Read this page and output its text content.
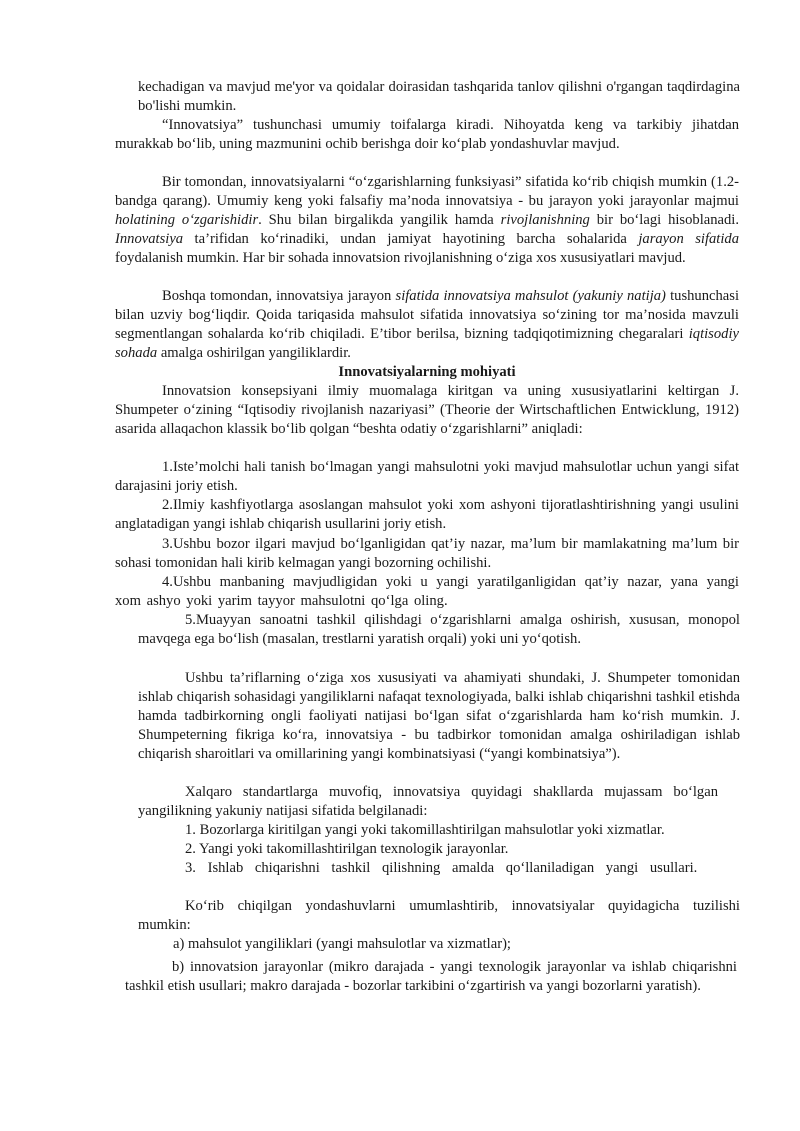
kechadigan va mavjud me'yor va qoidalar doirasidan tashqarida tanlov qilishni o'rgangan taqdirdagina bo'lishi mumkin.

“Innovatsiya” tushunchasi umumiy toifalarga kiradi. Nihoyatda keng va tarkibiy jihatdan murakkab bo‘lib, uning mazmunini ochib berishga doir ko‘plab yondashuvlar mavjud.

Bir tomondan, innovatsiyalarni “o‘zgarishlarning funksiyasi” sifatida ko‘rib chiqish mumkin (1.2-bandga qarang). Umumiy keng yoki falsafiy ma’noda innovatsiya - bu jarayon yoki jarayonlar majmui holatining o‘zgarishidir. Shu bilan birgalikda yangilik hamda rivojlanishning bir bo‘lagi hisoblanadi. Innovatsiya ta’rifidan ko‘rinadiki, undan jamiyat hayotining barcha sohalarida jarayon sifatida foydalanish mumkin. Har bir sohada innovatsion rivojlanishning o‘ziga xos xususiyatlari mavjud.

Boshqa tomondan, innovatsiya jarayon sifatida innovatsiya mahsulot (yakuniy natija) tushunchasi bilan uzviy bog‘liqdir. Qoida tariqasida mahsulot sifatida innovatsiya so‘zining tor ma’nosida mavzuli segmentlangan sohalarda ko‘rib chiqiladi. E’tibor berilsa, bizning tadqiqotimizning chegaralari iqtisodiy sohada amalga oshirilgan yangiliklardir.

Innovatsiyalarning mohiyati

Innovatsion konsepsiyani ilmiy muomalaga kiritgan va uning xususiyatlarini keltirgan J. Shumpeter o‘zining “Iqtisodiy rivojlanish nazariyasi” (Theorie der Wirtschaftlichen Entwicklung, 1912) asarida allaqachon klassik bo‘lib qolgan “beshta odatiy o‘zgarishlarni” aniqladi:

1.Iste’molchi hali tanish bo‘lmagan yangi mahsulotni yoki mavjud mahsulotlar uchun yangi sifat darajasini joriy etish.

2.Ilmiy kashfiyotlarga asoslangan mahsulot yoki xom ashyoni tijoratlashtirishning yangi usulini anglatadigan yangi ishlab chiqarish usullarini joriy etish.

3.Ushbu bozor ilgari mavjud bo‘lganligidan qat’iy nazar, ma’lum bir mamlakatning ma’lum bir sohasi tomonidan hali kirib kelmagan yangi bozorning ochilishi.

4.Ushbu manbaning mavjudligidan yoki u yangi yaratilganligidan qat’iy nazar, yana yangi xom ashyo yoki yarim tayyor mahsulotni qo‘lga oling.

5.Muayyan sanoatni tashkil qilishdagi o‘zgarishlarni amalga oshirish, xususan, monopol mavqega ega bo‘lish (masalan, trestlarni yaratish orqali) yoki uni yo‘qotish.

Ushbu ta’riflarning o‘ziga xos xususiyati va ahamiyati shundaki, J. Shumpeter tomonidan ishlab chiqarish sohasidagi yangiliklarni nafaqat texnologiyada, balki ishlab chiqarishni tashkil etishda hamda tadbirkorning ongli faoliyati natijasi bo‘lgan sifat o‘zgarishlarda ham ko‘rish mumkin. J. Shumpeterning fikriga ko‘ra, innovatsiya - bu tadbirkor tomonidan amalga oshiriladigan ishlab chiqarish sharoitlari va omillarining yangi kombinatsiyasi (“yangi kombinatsiya”).

Xalqaro standartlarga muvofiq, innovatsiya quyidagi shakllarda mujassam bo‘lgan yangilikning yakuniy natijasi sifatida belgilanadi:

1. Bozorlarga kiritilgan yangi yoki takomillashtirilgan mahsulotlar yoki xizmatlar.

2. Yangi yoki takomillashtirilgan texnologik jarayonlar.

3. Ishlab chiqarishni tashkil qilishning amalda qo‘llaniladigan yangi usullari.

Ko‘rib chiqilgan yondashuvlarni umumlashtirib, innovatsiyalar quyidagicha tuzilishi mumkin:

a) mahsulot yangiliklari (yangi mahsulotlar va xizmatlar);

b) innovatsion jarayonlar (mikro darajada - yangi texnologik jarayonlar va ishlab chiqarishni tashkil etish usullari; makro darajada - bozorlar tarkibini o‘zgartirish va yangi bozorlarni yaratish).
